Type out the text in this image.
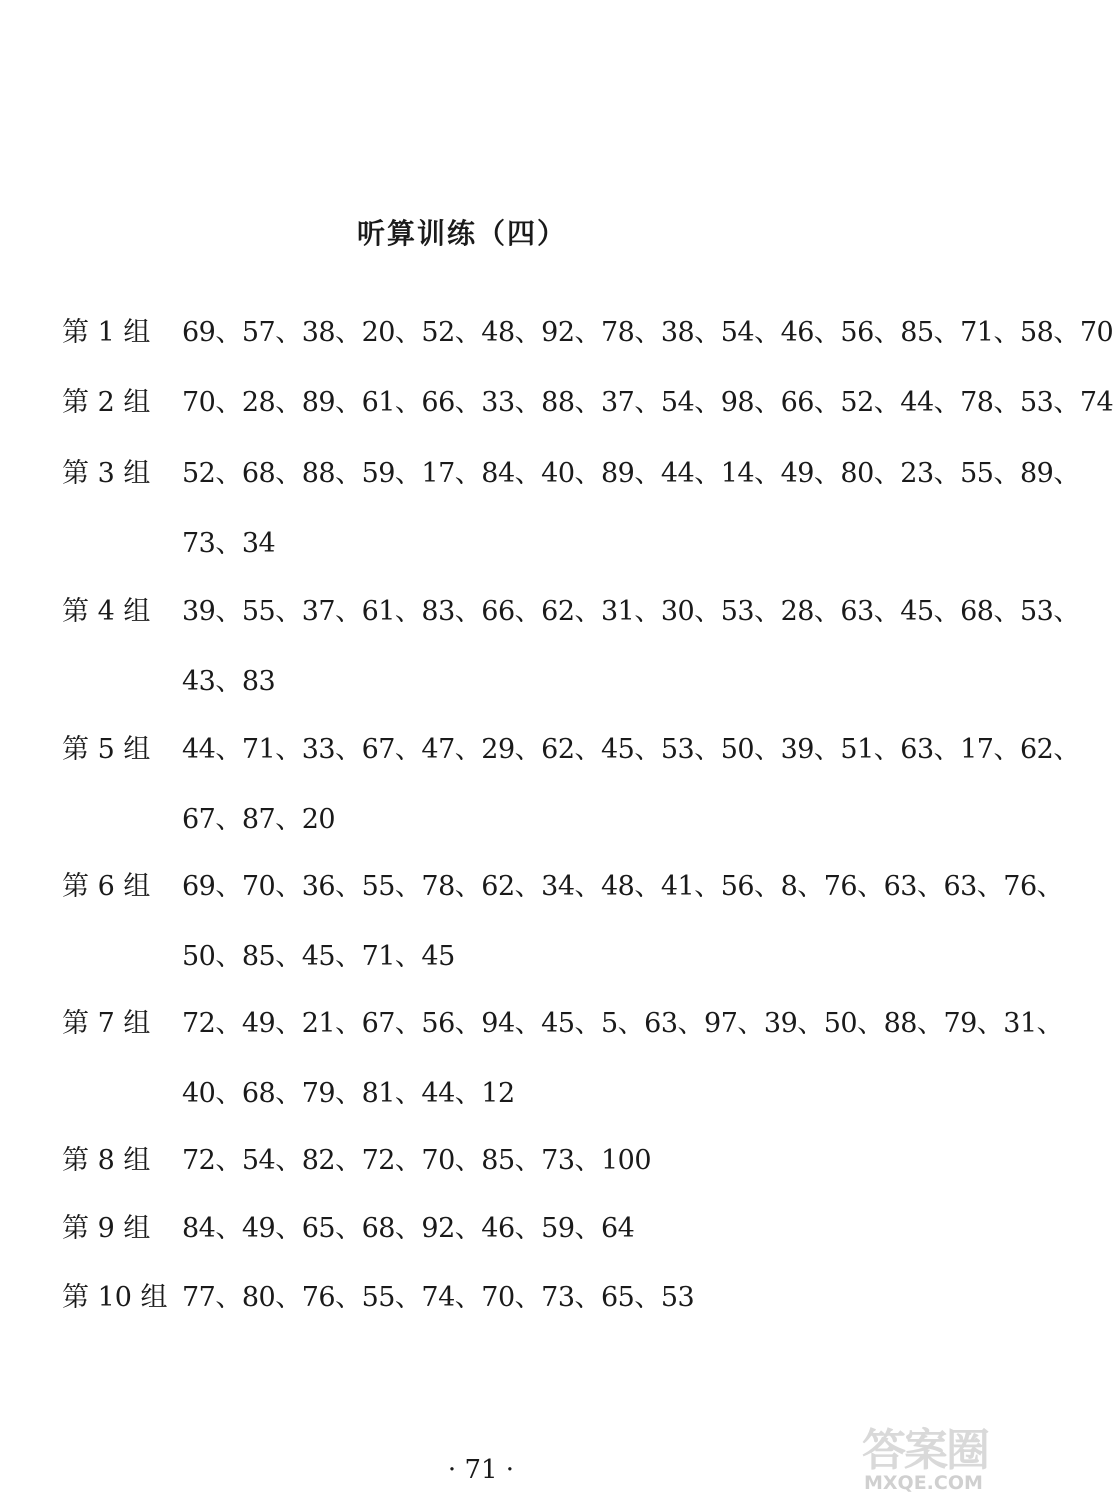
听算训练（四）
第 1 组	69、57、38、20、52、48、92、78、38、54、46、56、85、71、58、70
第 2 组	70、28、89、61、66、33、88、37、54、98、66、52、44、78、53、74
第 3 组	52、68、88、59、17、84、40、89、44、14、49、80、23、55、89、
73、34
第 4 组	39、55、37、61、83、66、62、31、30、53、28、63、45、68、53、
43、83
第 5 组	44、71、33、67、47、29、62、45、53、50、39、51、63、17、62、
67、87、20
第 6 组	69、70、36、55、78、62、34、48、41、56、8、76、63、63、76、
50、85、45、71、45
第 7 组	72、49、21、67、56、94、45、5、63、97、39、50、88、79、31、
40、68、79、81、44、12
第 8 组	72、54、82、72、70、85、73、100
第 9 组	84、49、65、68、92、46、59、64
第 10 组 77、80、76、55、74、70、73、65、53
· 71 ·	答案圈
MXQE.COM
